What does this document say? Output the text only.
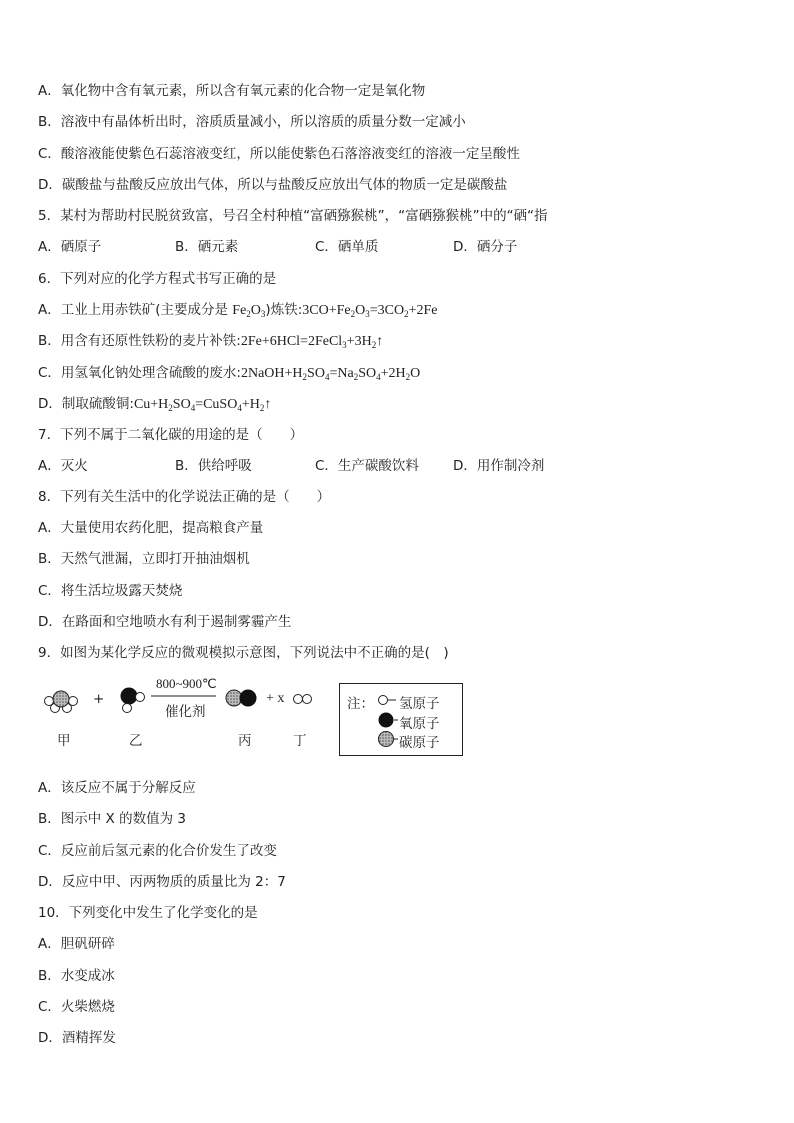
A．氧化物中含有氧元素，所以含有氧元素的化合物一定是氧化物
B．溶液中有晶体析出时，溶质质量减小，所以溶质的质量分数一定减小
C．酸溶液能使紫色石蕊溶液变红，所以能使紫色石落溶液变红的溶液一定呈酸性
D．碳酸盐与盐酸反应放出气体，所以与盐酸反应放出气体的物质一定是碳酸盐
5．某村为帮助村民脱贫致富，号召全村种植“富硒猕猴桃”，“富硒猕猴桃”中的“硒“指
A．硒原子	B．硒元素	C．硒单质	D．硒分子
6．下列对应的化学方程式书写正确的是
A．工业上用赤铁矿(主要成分是 $Fe_2O_3$)炼铁$:3CO+Fe_2O_3=3CO_2+2Fe$
B．用含有还原性铁粉的麦片补铁$:2Fe+6HCl=2FeCl_3+3H_2↑$
C．用氢氧化钠处理含硫酸的废水$:2NaOH+H_2SO_4=Na_2SO_4+2H_2O$
D．制取硫酸铜$:Cu+H_2SO_4=CuSO_4+H_2↑$
7．下列不属于二氧化碳的用途的是（　　）
A．灭火	B．供给呼吸	C．生产碳酸饮料	D．用作制冷剂
8．下列有关生活中的化学说法正确的是（　　）
A．大量使用农药化肥，提高粮食产量
B．天然气泄漏，立即打开抽油烟机
C．将生活垃圾露天焚烧
D．在路面和空地喷水有利于遏制雾霾产生
9．如图为某化学反应的微观模拟示意图，下列说法中不正确的是(　)
+
800~900℃
催化剂
+ x
甲	乙	丙	丁
注： 氢原子
氧原子
碳原子
A．该反应不属于分解反应
B．图示中 X 的数值为 3
C．反应前后氢元素的化合价发生了改变
D．反应中甲、丙两物质的质量比为 2：7
10．下列变化中发生了化学变化的是
A．胆矾研碎
B．水变成冰
C．火柴燃烧
D．酒精挥发
